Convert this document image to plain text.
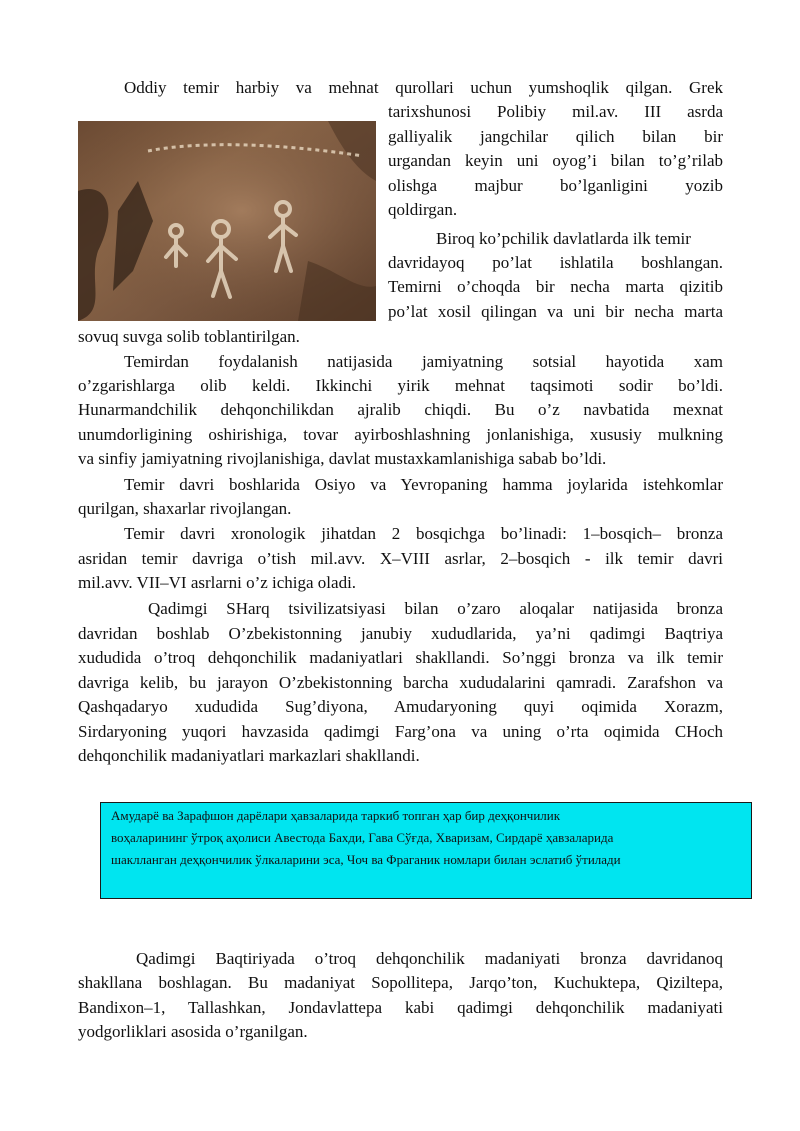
Oddiy temir harbiy va mehnat qurollari uchun yumshoqlik qilgan. Grek
tarixshunosi Polibiy mil.av. III asrda
galliyalik jangchilar qilich bilan bir
urgandan keyin uni oyog’i bilan to’g’rilab
olishga majbur bo’lganligini yozib
qoldirgan.
Biroq ko’pchilik davlatlarda ilk temir
davridayoq po’lat ishlatila boshlangan.
Temirni o’choqda bir necha marta qizitib
po’lat xosil qilingan va uni bir necha marta
sovuq suvga solib toblantirilgan.
Temirdan foydalanish natijasida jamiyatning sotsial hayotida xam
o’zgarishlarga olib keldi. Ikkinchi yirik mehnat taqsimoti sodir bo’ldi.
Hunarmandchilik dehqonchilikdan ajralib chiqdi. Bu o’z navbatida mexnat
unumdorligining oshirishiga, tovar ayirboshlashning jonlanishiga, xususiy mulkning
va sinfiy jamiyatning rivojlanishiga, davlat mustaxkamlanishiga sabab bo’ldi.
Temir davri boshlarida Osiyo va Yevropaning hamma joylarida istehkomlar
qurilgan, shaxarlar rivojlangan.
Temir davri xronologik jihatdan 2 bosqichga bo’linadi: 1–bosqich– bronza
asridan temir davriga o’tish mil.avv. X–VIII asrlar, 2–bosqich - ilk temir davri
mil.avv. VII–VI asrlarni o’z ichiga oladi.
Qadimgi SHarq tsivilizatsiyasi bilan o’zaro aloqalar natijasida bronza
davridan boshlab O’zbekistonning janubiy xududlarida, ya’ni qadimgi Baqtriya
xududida o’troq dehqonchilik madaniyatlari shakllandi. So’nggi bronza va ilk temir
davriga kelib, bu jarayon O’zbekistonning barcha xududаlarini qamradi. Zarafshon va
Qashqadaryo xududida Sug’diyona, Amudaryoning quyi oqimida Xorazm,
Sirdaryoning yuqori havzasida qadimgi Farg’ona va uning o’rta oqimida CHoch
dehqonchilik madaniyatlari markazlari shakllandi.
Амударё ва Зарафшон дарёлари ҳавзаларида таркиб топган ҳар бир деҳқончилик
воҳаларининг ўтроқ аҳолиси Авестода Бахди, Гава Сўғда, Хваризам, Сирдарё ҳавзаларида
шаклланган деҳқончилик ўлкаларини эса, Чоч ва Фраганик номлари билан эслатиб ўтилади
Qadimgi Baqtiriyada o’troq dehqonchilik madaniyati bronza davridanoq
shakllana boshlagan. Bu madaniyat Sopollitepa, Jarqo’ton, Kuchuktepa, Qiziltepa,
Bandixon–1, Tallashkan, Jondavlattepa kabi qadimgi dehqonchilik madaniyati
yodgorliklari asosida o’rganilgan.
